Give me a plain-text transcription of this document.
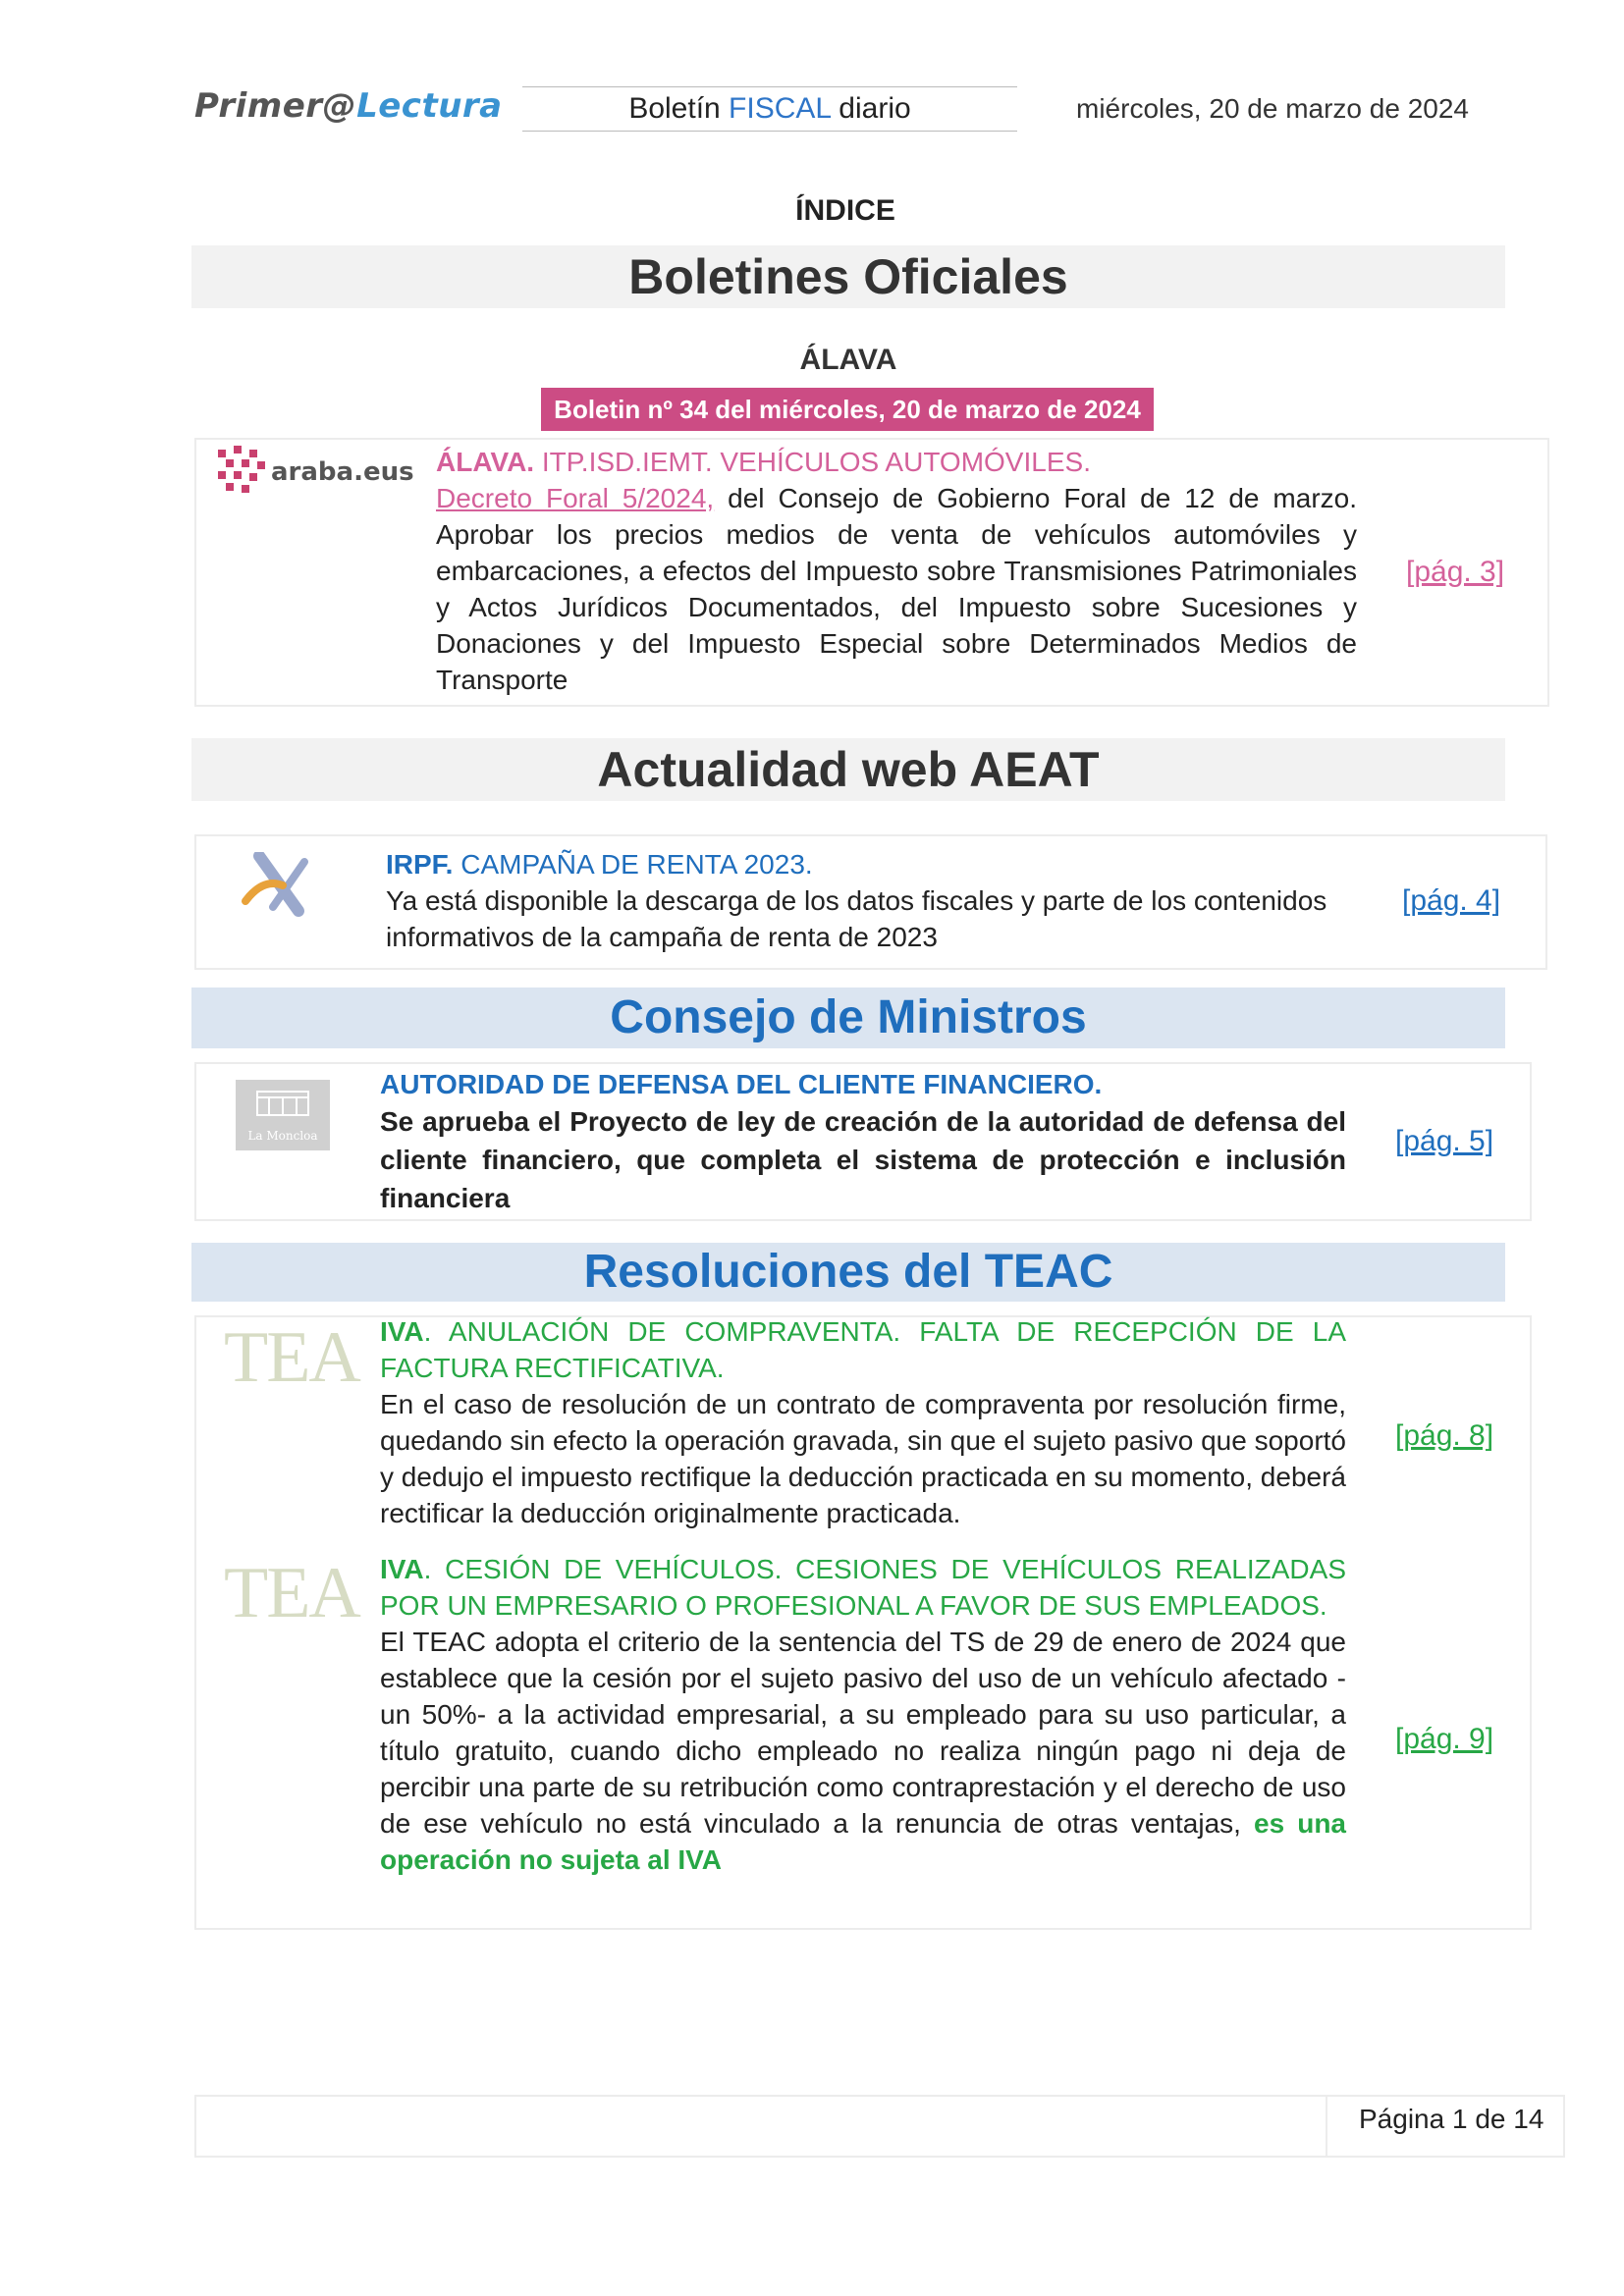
Primer@Lectura	Boletín FISCAL diario	miércoles, 20 de marzo de 2024
ÍNDICE
Boletines Oficiales
ÁLAVA
Boletin nº 34 del miércoles, 20 de marzo de 2024
araba.eus ÁLAVA. ITP.ISD.IEMT. VEHÍCULOS AUTOMÓVILES.
Decreto Foral 5/2024, del Consejo de Gobierno Foral de 12 de marzo. Aprobar los precios medios de venta de vehículos automóviles y embarcaciones, a efectos del Impuesto sobre Transmisiones Patrimoniales y Actos Jurídicos Documentados, del Impuesto sobre Sucesiones y Donaciones y del Impuesto Especial sobre Determinados Medios de Transporte
[pág. 3]
Actualidad web AEAT
IRPF. CAMPAÑA DE RENTA 2023.
Ya está disponible la descarga de los datos fiscales y parte de los contenidos informativos de la campaña de renta de 2023
[pág. 4]
Consejo de Ministros
La Moncloa
AUTORIDAD DE DEFENSA DEL CLIENTE FINANCIERO.
Se aprueba el Proyecto de ley de creación de la autoridad de defensa del cliente financiero, que completa el sistema de protección e inclusión financiera
[pág. 5]
Resoluciones del TEAC
TEA IVA. ANULACIÓN DE COMPRAVENTA. FALTA DE RECEPCIÓN DE LA FACTURA RECTIFICATIVA.
En el caso de resolución de un contrato de compraventa por resolución firme, quedando sin efecto la operación gravada, sin que el sujeto pasivo que soportó y dedujo el impuesto rectifique la deducción practicada en su momento, deberá rectificar la deducción originalmente practicada.
[pág. 8]
TEA IVA. CESIÓN DE VEHÍCULOS. CESIONES DE VEHÍCULOS REALIZADAS POR UN EMPRESARIO O PROFESIONAL A FAVOR DE SUS EMPLEADOS.
El TEAC adopta el criterio de la sentencia del TS de 29 de enero de 2024 que establece que la cesión por el sujeto pasivo del uso de un vehículo afectado -un 50%- a la actividad empresarial, a su empleado para su uso particular, a título gratuito, cuando dicho empleado no realiza ningún pago ni deja de percibir una parte de su retribución como contraprestación y el derecho de uso de ese vehículo no está vinculado a la renuncia de otras ventajas, es una operación no sujeta al IVA
[pág. 9]
Página 1 de 14
